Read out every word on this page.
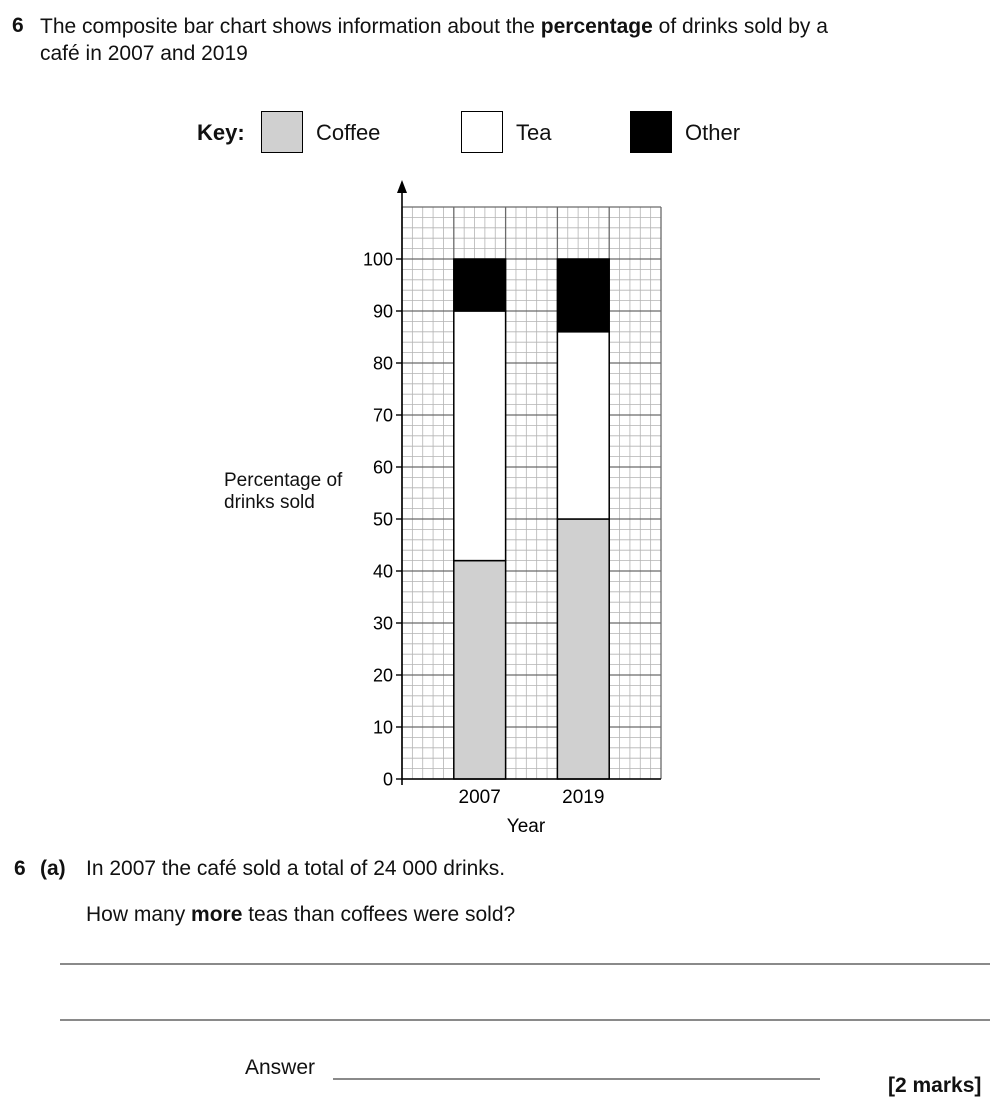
6 The composite bar chart shows information about the percentage of drinks sold by a
café in 2007 and 2019
Key:	Coffee	Tea	Other
Percentage of
drinks sold
0
10
20
30
40
50
60
70
80
90
100
2007	2019
Year
6 (a) In 2007 the café sold a total of 24 000 drinks.
How many more teas than coffees were sold?
Answer
[2 marks]
